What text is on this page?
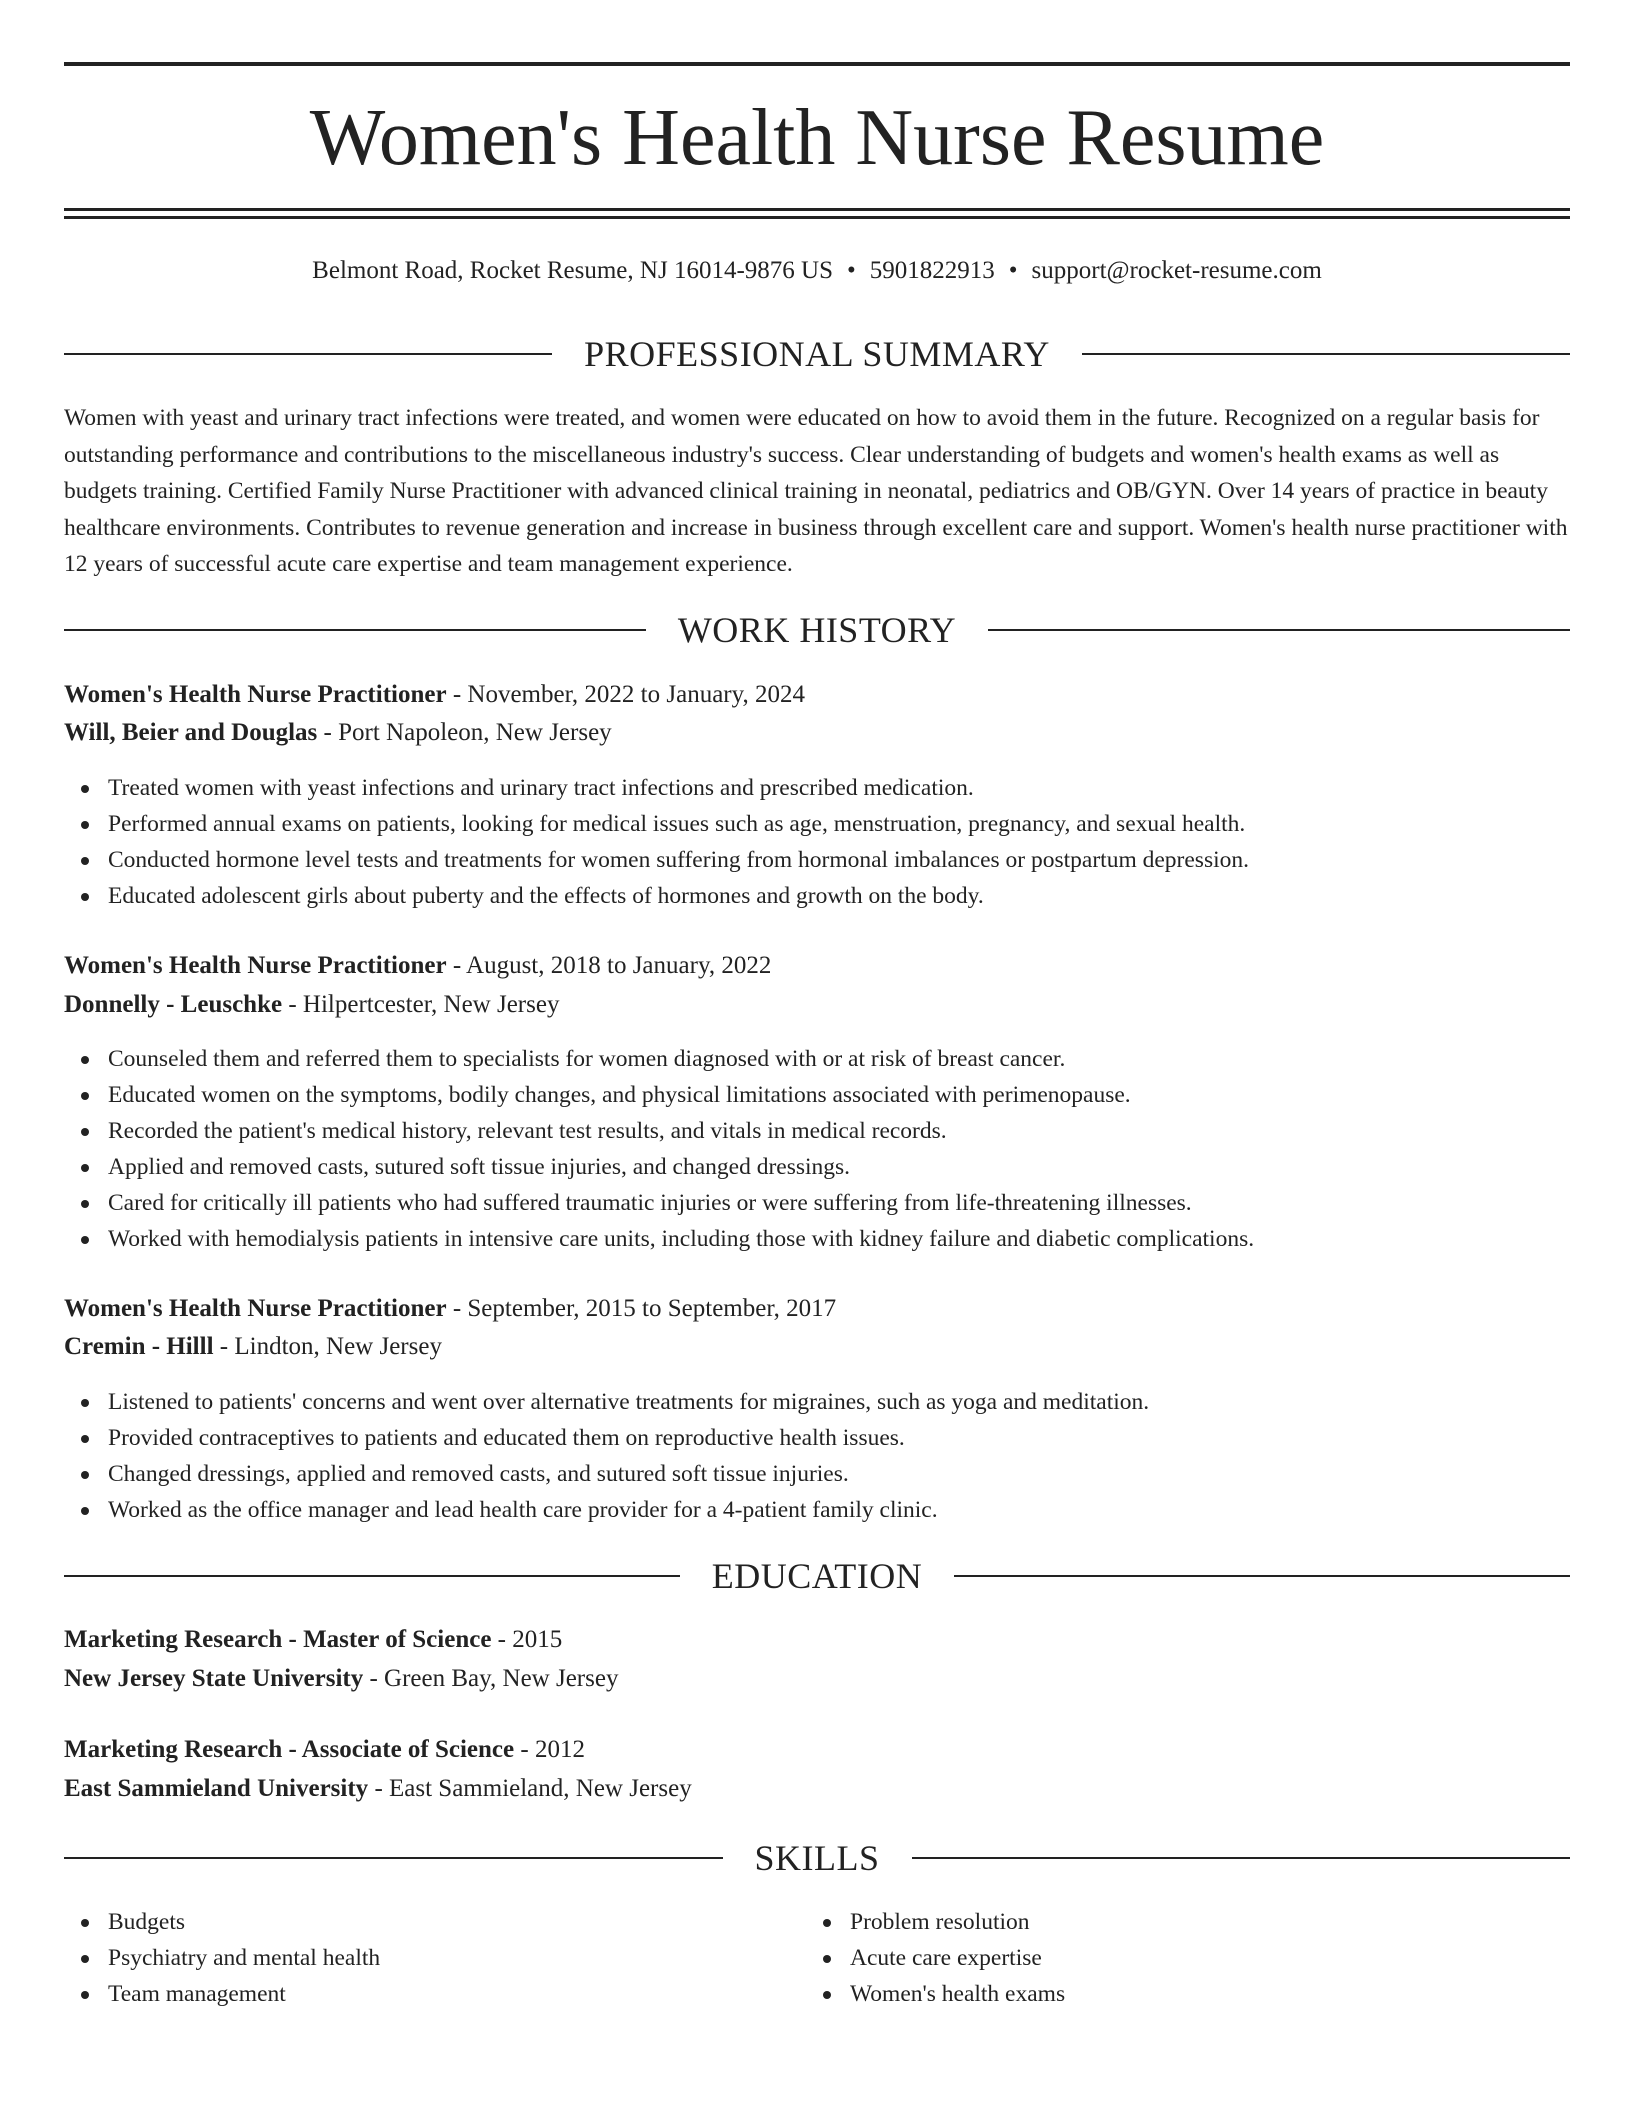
Women's Health Nurse Resume
Belmont Road, Rocket Resume, NJ 16014-9876 US • 5901822913 • support@rocket-resume.com
PROFESSIONAL SUMMARY

Women with yeast and urinary tract infections were treated, and women were educated on how to avoid them in the future. Recognized on a regular basis for outstanding performance and contributions to the miscellaneous industry's success. Clear understanding of budgets and women's health exams as well as budgets training. Certified Family Nurse Practitioner with advanced clinical training in neonatal, pediatrics and OB/GYN. Over 14 years of practice in beauty healthcare environments. Contributes to revenue generation and increase in business through excellent care and support. Women's health nurse practitioner with 12 years of successful acute care expertise and team management experience.

WORK HISTORY
Women's Health Nurse Practitioner - November, 2022 to January, 2024
Will, Beier and Douglas - Port Napoleon, New Jersey
Treated women with yeast infections and urinary tract infections and prescribed medication.
Performed annual exams on patients, looking for medical issues such as age, menstruation, pregnancy, and sexual health.
Conducted hormone level tests and treatments for women suffering from hormonal imbalances or postpartum depression.
Educated adolescent girls about puberty and the effects of hormones and growth on the body.
Women's Health Nurse Practitioner - August, 2018 to January, 2022
Donnelly - Leuschke - Hilpertcester, New Jersey
Counseled them and referred them to specialists for women diagnosed with or at risk of breast cancer.
Educated women on the symptoms, bodily changes, and physical limitations associated with perimenopause.
Recorded the patient's medical history, relevant test results, and vitals in medical records.
Applied and removed casts, sutured soft tissue injuries, and changed dressings.
Cared for critically ill patients who had suffered traumatic injuries or were suffering from life-threatening illnesses.
Worked with hemodialysis patients in intensive care units, including those with kidney failure and diabetic complications.
Women's Health Nurse Practitioner - September, 2015 to September, 2017
Cremin - Hilll - Lindton, New Jersey
Listened to patients' concerns and went over alternative treatments for migraines, such as yoga and meditation.
Provided contraceptives to patients and educated them on reproductive health issues.
Changed dressings, applied and removed casts, and sutured soft tissue injuries.
Worked as the office manager and lead health care provider for a 4-patient family clinic.
EDUCATION
Marketing Research - Master of Science - 2015
New Jersey State University - Green Bay, New Jersey
Marketing Research - Associate of Science - 2012
East Sammieland University - East Sammieland, New Jersey
SKILLS
Budgets
Psychiatry and mental health
Team management
Problem resolution
Acute care expertise
Women's health exams
